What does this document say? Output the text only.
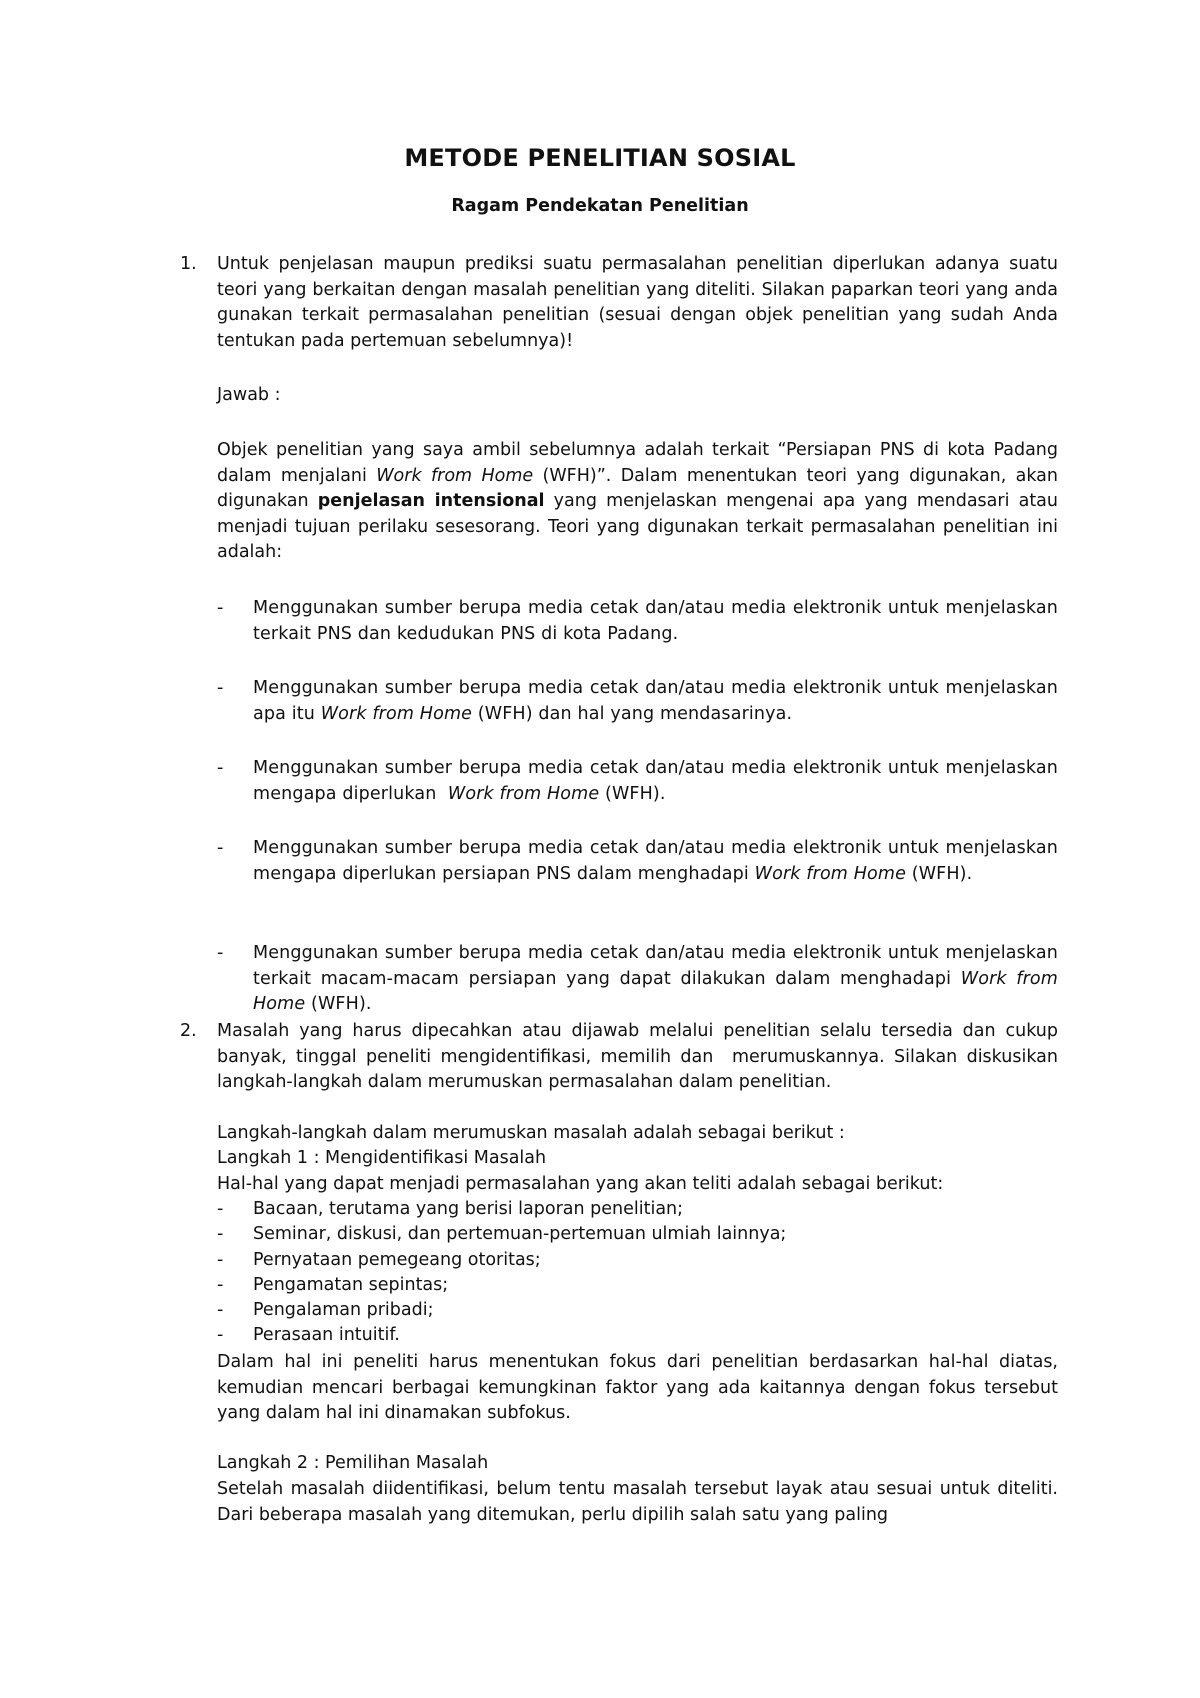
METODE PENELITIAN SOSIAL
Ragam Pendekatan Penelitian
1.	Untuk penjelasan maupun prediksi suatu permasalahan penelitian diperlukan adanya suatu teori yang berkaitan dengan masalah penelitian yang diteliti. Silakan paparkan teori yang anda gunakan terkait permasalahan penelitian (sesuai dengan objek penelitian yang sudah Anda tentukan pada pertemuan sebelumnya)!

Jawab :

Objek penelitian yang saya ambil sebelumnya adalah terkait “Persiapan PNS di kota Padang dalam menjalani Work from Home (WFH)”. Dalam menentukan teori yang digunakan, akan digunakan penjelasan intensional yang menjelaskan mengenai apa yang mendasari atau menjadi tujuan perilaku sesesorang. Teori yang digunakan terkait permasalahan penelitian ini adalah:

-	Menggunakan sumber berupa media cetak dan/atau media elektronik untuk menjelaskan terkait PNS dan kedudukan PNS di kota Padang.

-	Menggunakan sumber berupa media cetak dan/atau media elektronik untuk menjelaskan apa itu Work from Home (WFH) dan hal yang mendasarinya.

-	Menggunakan sumber berupa media cetak dan/atau media elektronik untuk menjelaskan mengapa diperlukan  Work from Home (WFH).

-	Menggunakan sumber berupa media cetak dan/atau media elektronik untuk menjelaskan mengapa diperlukan persiapan PNS dalam menghadapi Work from Home (WFH).

-	Menggunakan sumber berupa media cetak dan/atau media elektronik untuk menjelaskan terkait macam-macam persiapan yang dapat dilakukan dalam menghadapi Work from Home (WFH).

2.	Masalah yang harus dipecahkan atau dijawab melalui penelitian selalu tersedia dan cukup banyak, tinggal peneliti mengidentifikasi, memilih dan  merumuskannya. Silakan diskusikan langkah-langkah dalam merumuskan permasalahan dalam penelitian.

Langkah-langkah dalam merumuskan masalah adalah sebagai berikut :

Langkah 1 : Mengidentifikasi Masalah

Hal-hal yang dapat menjadi permasalahan yang akan teliti adalah sebagai berikut:

-	Bacaan, terutama yang berisi laporan penelitian;

-	Seminar, diskusi, dan pertemuan-pertemuan ulmiah lainnya;

-	Pernyataan pemegeang otoritas;

-	Pengamatan sepintas;

-	Pengalaman pribadi;

-	Perasaan intuitif.

Dalam hal ini peneliti harus menentukan fokus dari penelitian berdasarkan hal-hal diatas, kemudian mencari berbagai kemungkinan faktor yang ada kaitannya dengan fokus tersebut yang dalam hal ini dinamakan subfokus.

Langkah 2 : Pemilihan Masalah

Setelah masalah diidentifikasi, belum tentu masalah tersebut layak atau sesuai untuk diteliti. Dari beberapa masalah yang ditemukan, perlu dipilih salah satu yang paling
